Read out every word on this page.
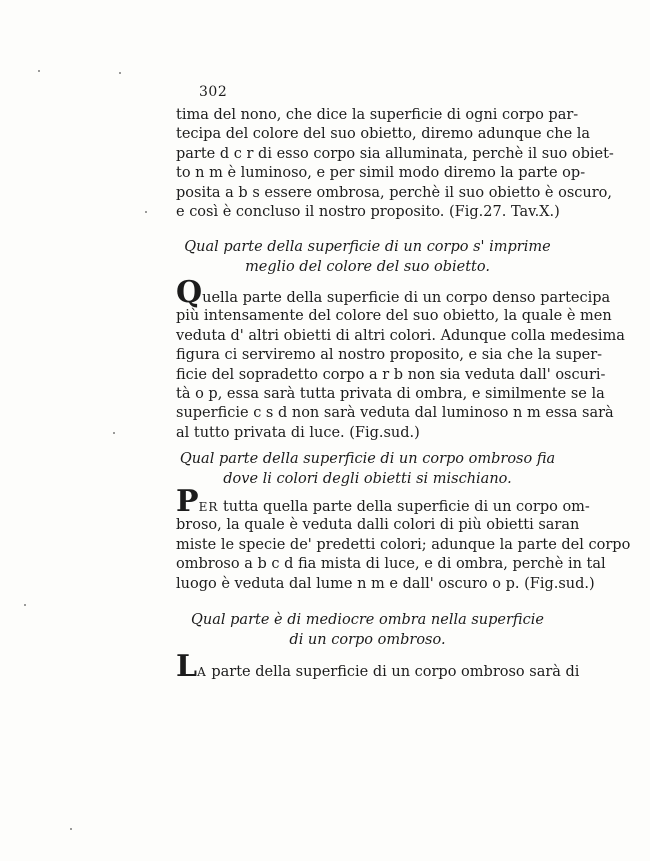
302
tima del nono, che dice la superficie di ogni corpo par-
tecipa del colore del suo obietto, diremo adunque che la
parte d c r di esso corpo sia alluminata, perchè il suo obiet-
to n m è luminoso, e per simil modo diremo la parte op-
posita a b s essere ombrosa, perchè il suo obietto è oscuro,
e così è concluso il nostro proposito. (Fig.27. Tav.X.)
Qual parte della superficie di un corpo s' imprime
meglio del colore del suo obietto.
Quella parte della superficie di un corpo denso partecipa
più intensamente del colore del suo obietto, la quale è men
veduta d' altri obietti di altri colori. Adunque colla medesima
figura ci serviremo al nostro proposito, e sia che la super-
ficie del sopradetto corpo a r b non sia veduta dall' oscuri-
tà o p, essa sarà tutta privata di ombra, e similmente se la
superficie c s d non sarà veduta dal luminoso n m essa sarà
al tutto privata di luce. (Fig.sud.)
Qual parte della superficie di un corpo ombroso fia
dove li colori degli obietti si mischiano.
PER tutta quella parte della superficie di un corpo om-
broso, la quale è veduta dalli colori di più obietti saran
miste le specie de' predetti colori; adunque la parte del corpo
ombroso a b c d fia mista di luce, e di ombra, perchè in tal
luogo è veduta dal lume n m e dall' oscuro o p. (Fig.sud.)
Qual parte è di mediocre ombra nella superficie
di un corpo ombroso.
LA parte della superficie di un corpo ombroso sarà di
